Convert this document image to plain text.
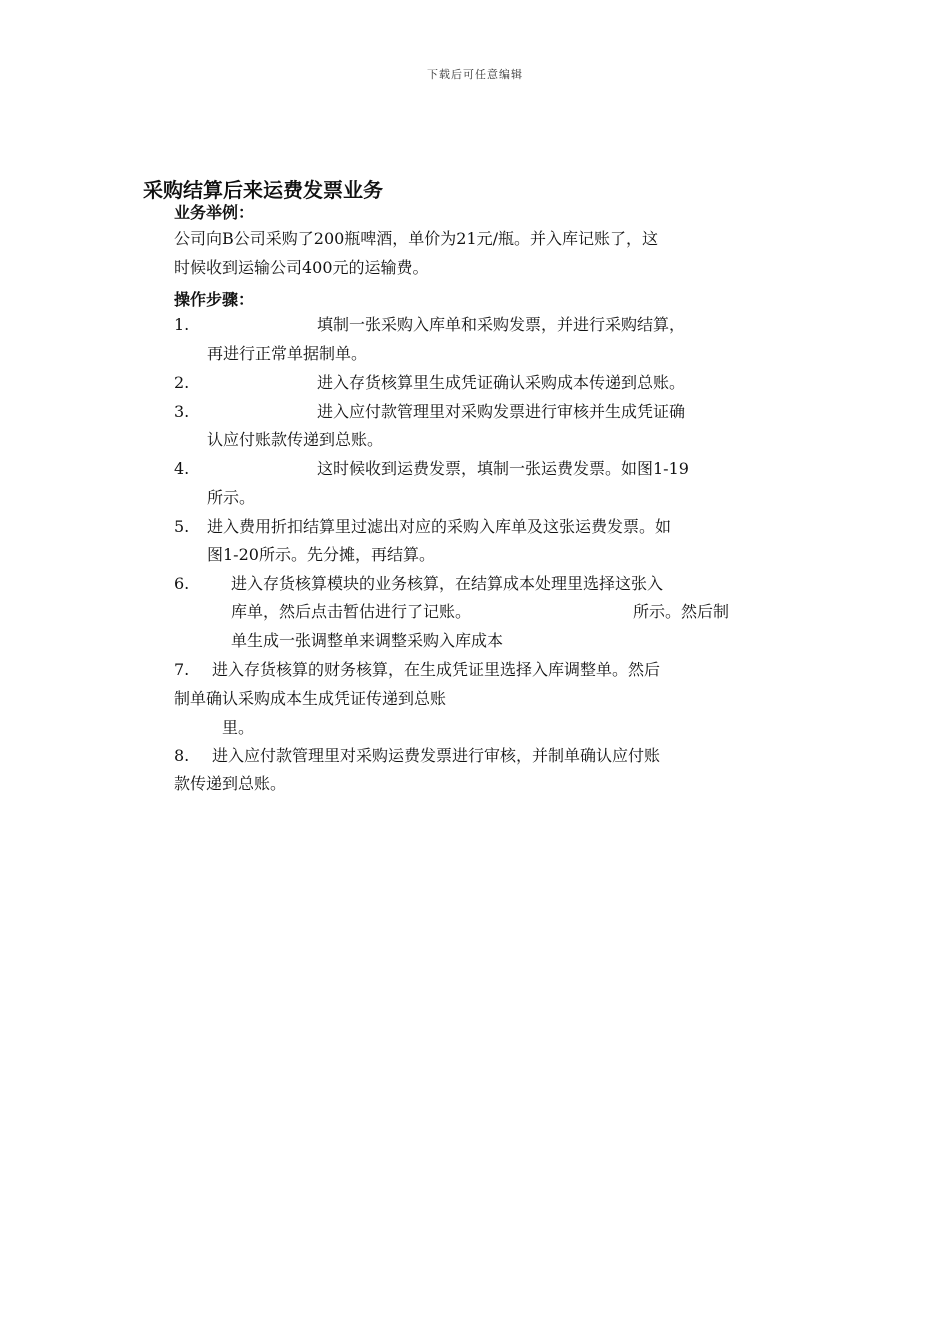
下载后可任意编辑
采购结算后来运费发票业务
业务举例：
公司向B公司采购了200瓶啤酒，单价为21元/瓶。并入库记账了，这
时候收到运输公司400元的运输费。
操作步骤：
1.	填制一张采购入库单和采购发票，并进行采购结算，
再进行正常单据制单。
2.	进入存货核算里生成凭证确认采购成本传递到总账。
3.	进入应付款管理里对采购发票进行审核并生成凭证确
认应付账款传递到总账。
4.	这时候收到运费发票，填制一张运费发票。如图1-19
所示。
5. 进入费用折扣结算里过滤出对应的采购入库单及这张运费发票。如
图1-20所示。先分摊，再结算。
6.	进入存货核算模块的业务核算，在结算成本处理里选择这张入
库单，然后点击暂估进行了记账。	所示。然后制
单生成一张调整单来调整采购入库成本
7. 进入存货核算的财务核算，在生成凭证里选择入库调整单。然后
制单确认采购成本生成凭证传递到总账
里。
8. 进入应付款管理里对采购运费发票进行审核，并制单确认应付账
款传递到总账。
